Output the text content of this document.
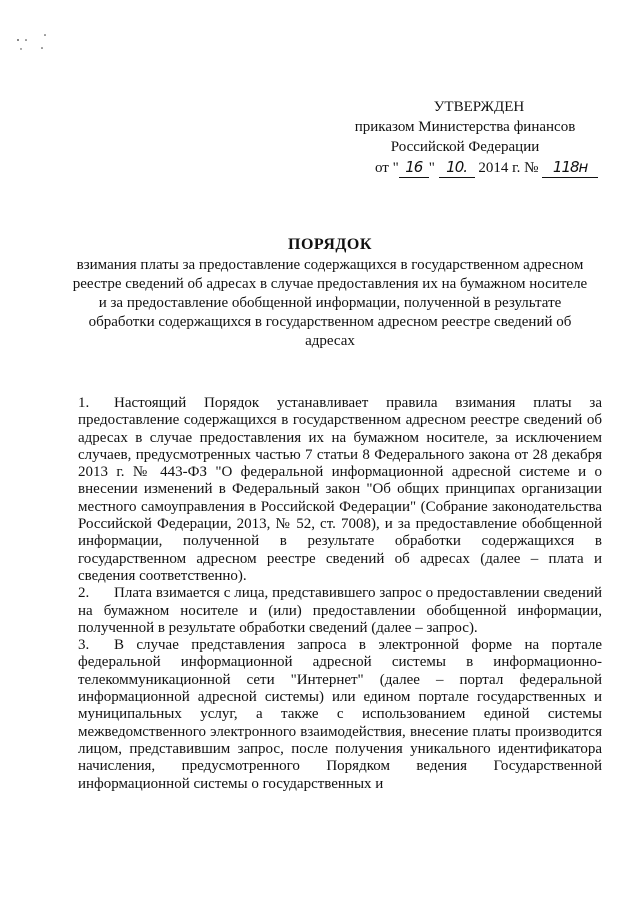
УТВЕРЖДЕН
приказом Министерства финансов
Российской Федерации
от " 16 " 10. 2014 г. № 118н
ПОРЯДОК
взимания платы за предоставление содержащихся в государственном адресном реестре сведений об адресах в случае предоставления их на бумажном носителе и за предоставление обобщенной информации, полученной в результате обработки содержащихся в государственном адресном реестре сведений об адресах

1. Настоящий Порядок устанавливает правила взимания платы за предоставление содержащихся в государственном адресном реестре сведений об адресах в случае предоставления их на бумажном носителе, за исключением случаев, предусмотренных частью 7 статьи 8 Федерального закона от 28 декабря 2013 г. № 443-ФЗ "О федеральной информационной адресной системе и о внесении изменений в Федеральный закон "Об общих принципах организации местного самоуправления в Российской Федерации" (Собрание законодательства Российской Федерации, 2013, № 52, ст. 7008), и за предоставление обобщенной информации, полученной в результате обработки содержащихся в государственном адресном реестре сведений об адресах (далее – плата и сведения соответственно).

2. Плата взимается с лица, представившего запрос о предоставлении сведений на бумажном носителе и (или) предоставлении обобщенной информации, полученной в результате обработки сведений (далее – запрос).

3. В случае представления запроса в электронной форме на портале федеральной информационной адресной системы в информационно-телекоммуникационной сети "Интернет" (далее – портал федеральной информационной адресной системы) или едином портале государственных и муниципальных услуг, а также с использованием единой системы межведомственного электронного взаимодействия, внесение платы производится лицом, представившим запрос, после получения уникального идентификатора начисления, предусмотренного Порядком ведения Государственной информационной системы о государственных и
